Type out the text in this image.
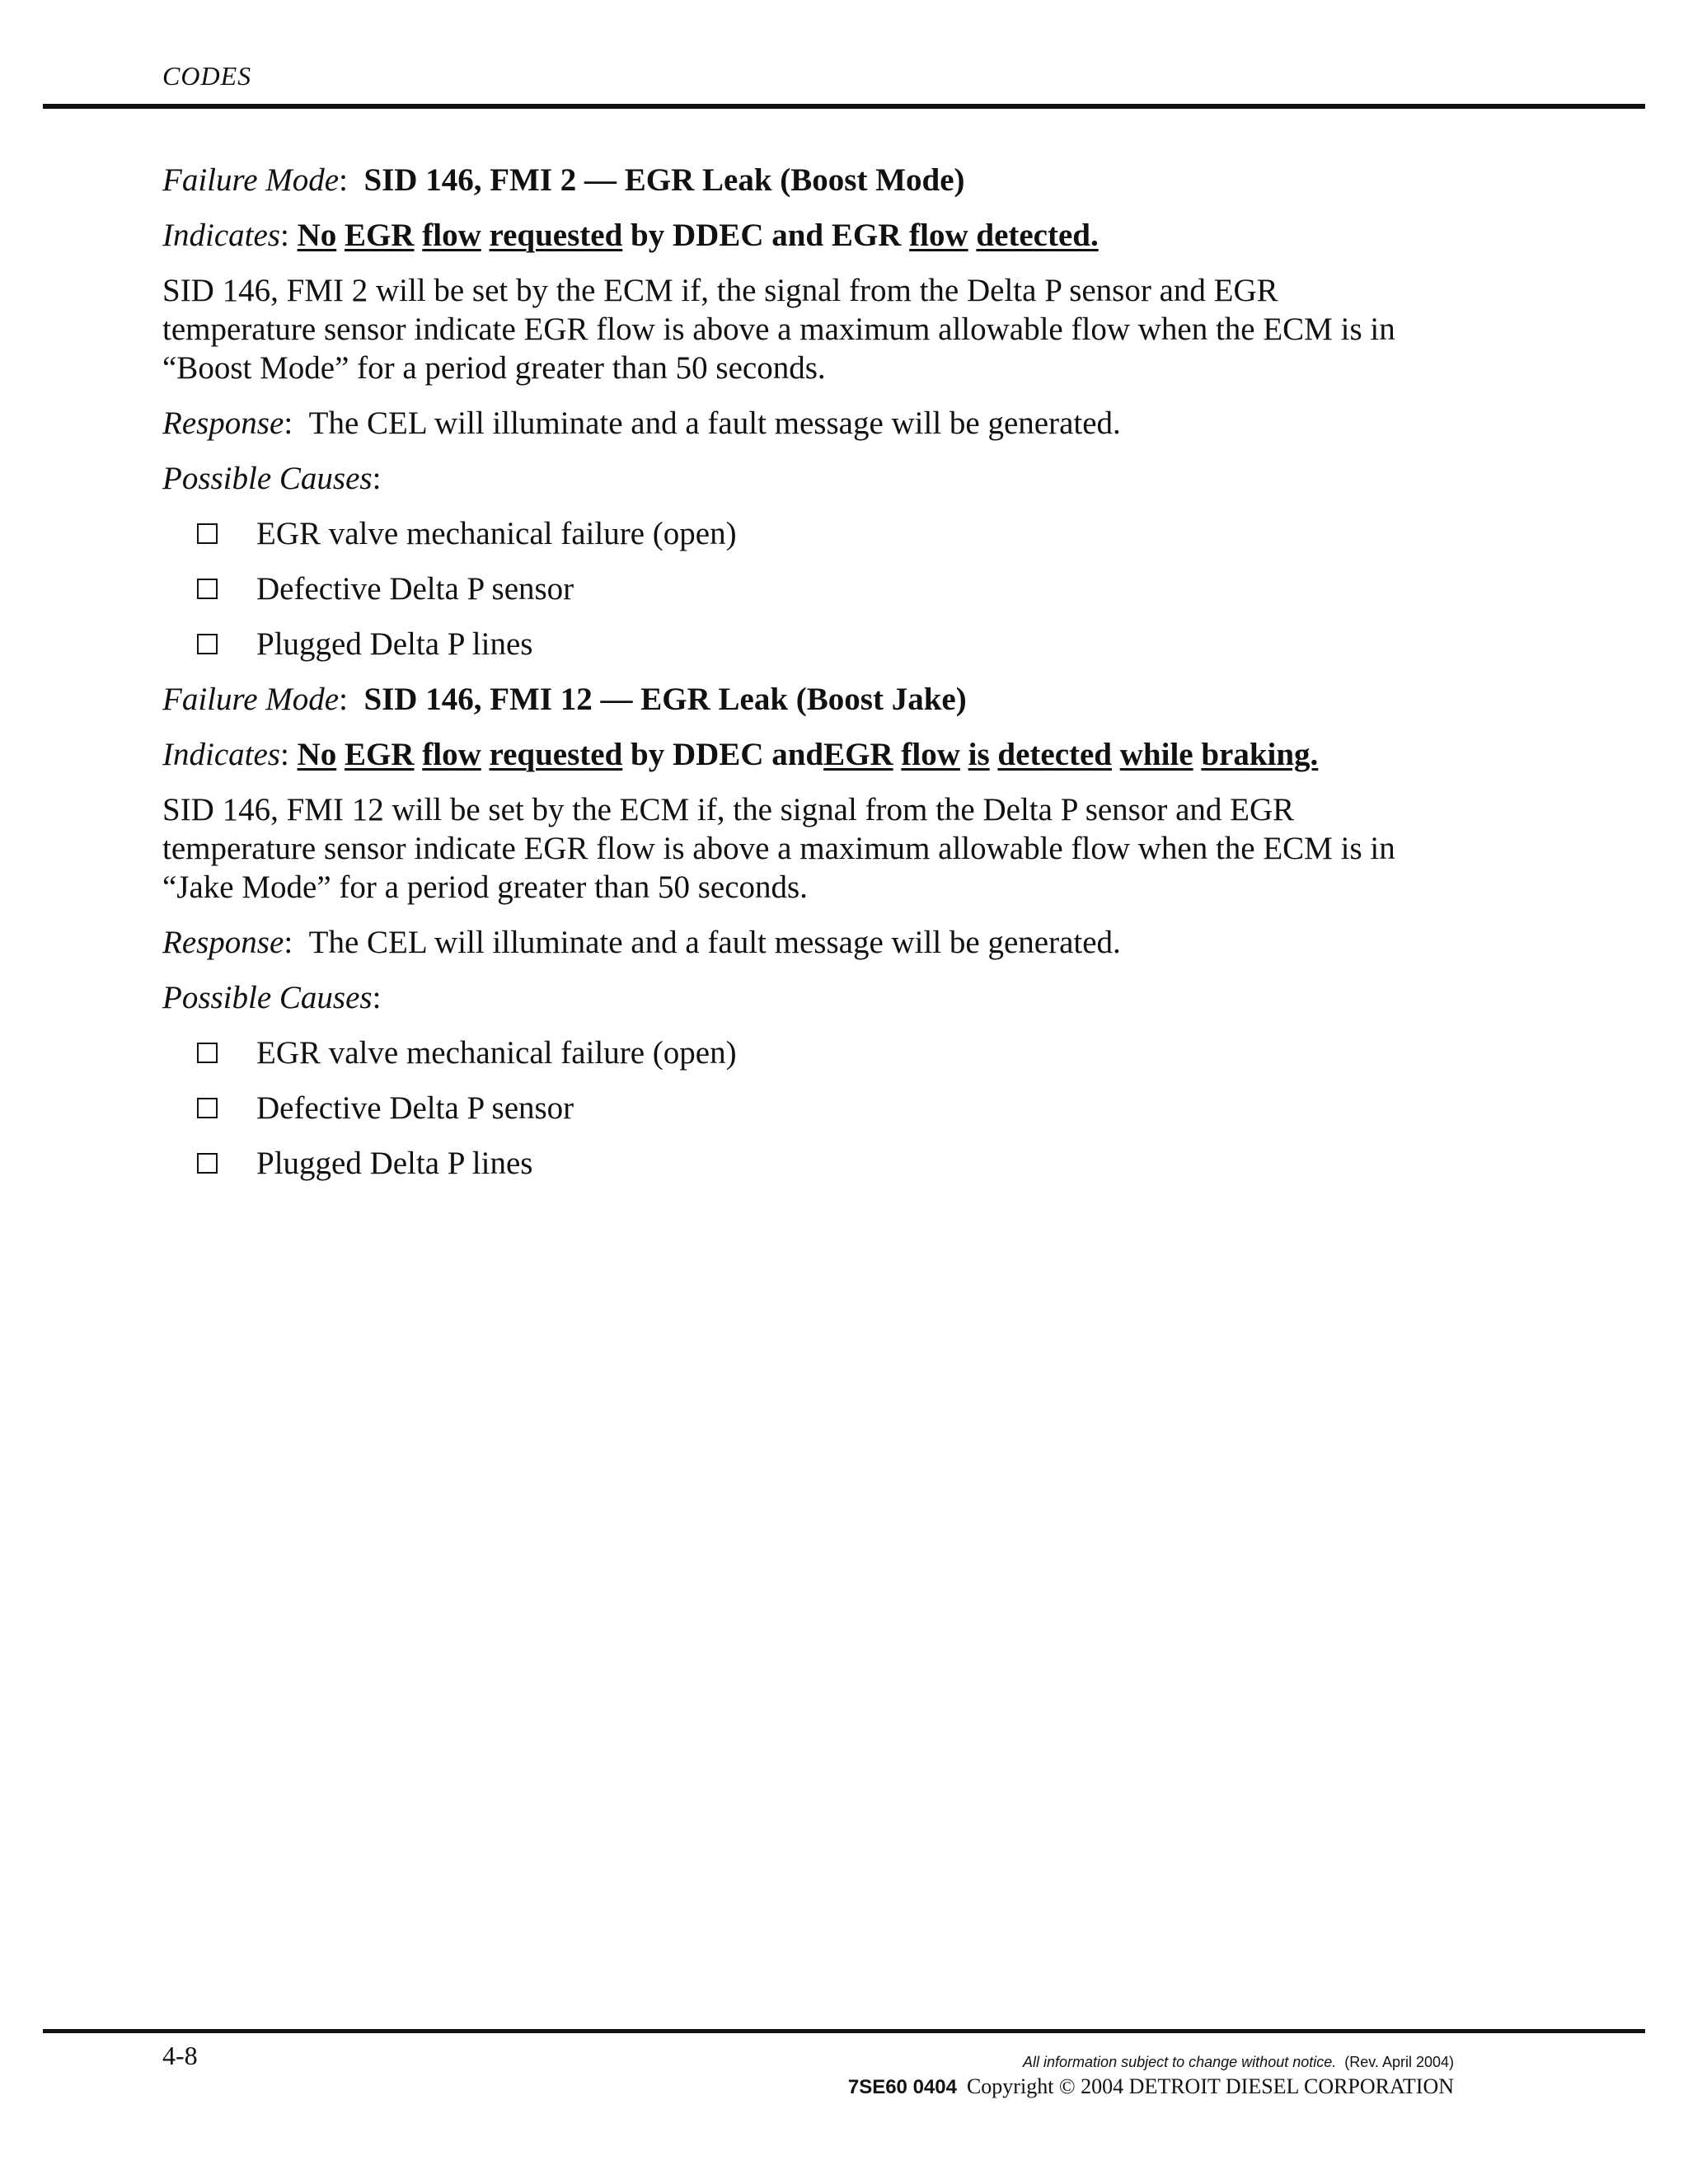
CODES
Failure Mode:  SID 146, FMI 2 — EGR Leak (Boost Mode)
Indicates: No EGR flow requested by DDEC and EGR flow detected.
SID 146, FMI 2 will be set by the ECM if, the signal from the Delta P sensor and EGR
temperature sensor indicate EGR flow is above a maximum allowable flow when the ECM is in
“Boost Mode” for a period greater than 50 seconds.
Response:  The CEL will illuminate and a fault message will be generated.
Possible Causes:
EGR valve mechanical failure (open)
Defective Delta P sensor
Plugged Delta P lines
Failure Mode:  SID 146, FMI 12 — EGR Leak (Boost Jake)
Indicates: No EGR flow requested by DDEC andEGR flow is detected while braking.
SID 146, FMI 12 will be set by the ECM if, the signal from the Delta P sensor and EGR
temperature sensor indicate EGR flow is above a maximum allowable flow when the ECM is in
“Jake Mode” for a period greater than 50 seconds.
Response:  The CEL will illuminate and a fault message will be generated.
Possible Causes:
EGR valve mechanical failure (open)
Defective Delta P sensor
Plugged Delta P lines
4-8	All information subject to change without notice. (Rev. April 2004)
7SE60 0404 Copyright © 2004 DETROIT DIESEL CORPORATION
